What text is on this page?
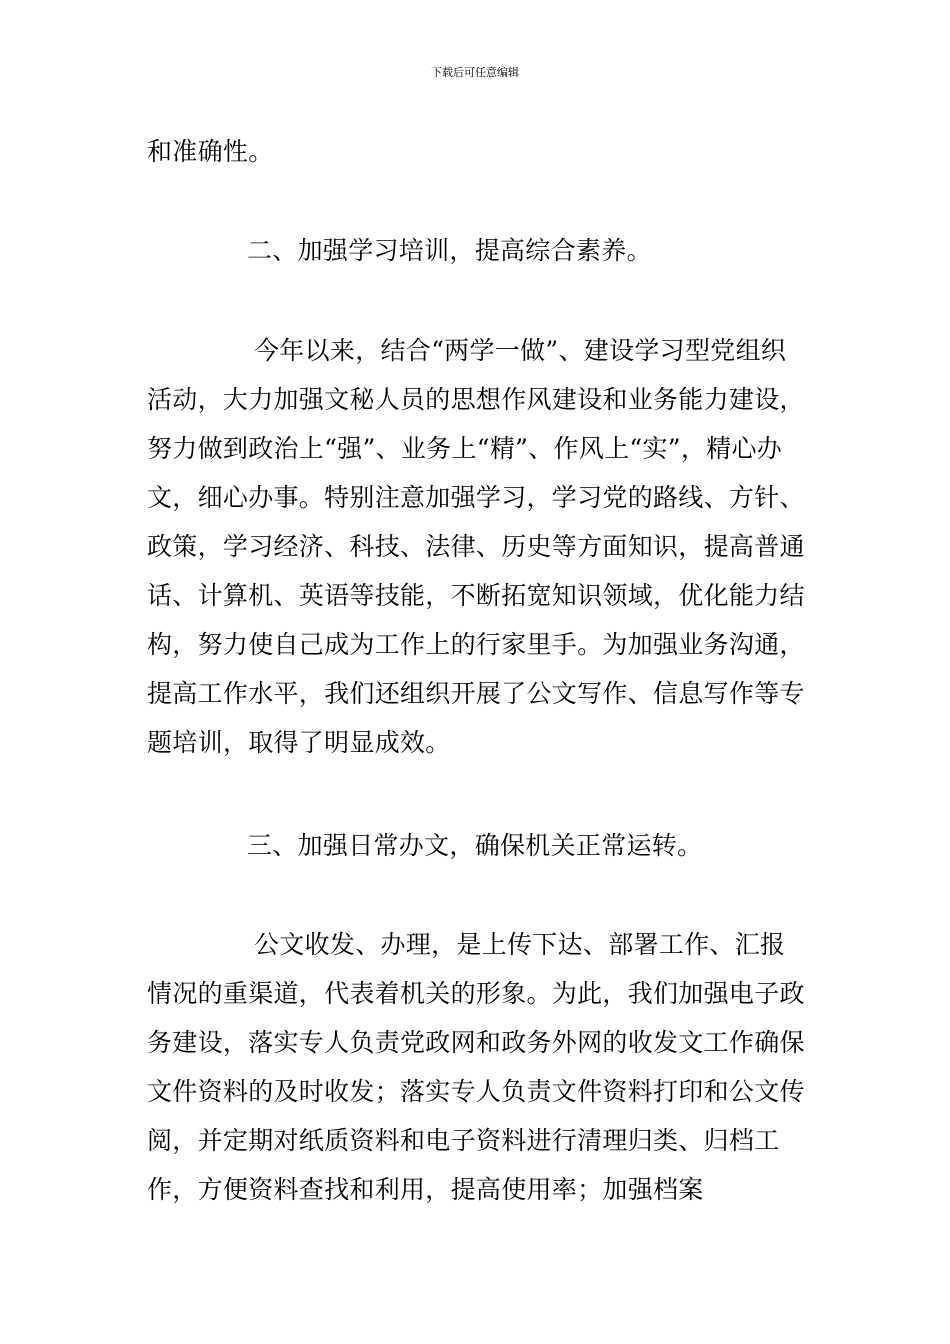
下载后可任意编辑

和准确性。

二、加强学习培训，提高综合素养。

今年以来，结合“两学一做”、建设学习型党组织活动，大力加强文秘人员的思想作风建设和业务能力建设，努力做到政治上“强”、业务上“精”、作风上“实”，精心办文，细心办事。特别注意加强学习，学习党的路线、方针、政策，学习经济、科技、法律、历史等方面知识，提高普通话、计算机、英语等技能，不断拓宽知识领域，优化能力结构，努力使自己成为工作上的行家里手。为加强业务沟通，提高工作水平，我们还组织开展了公文写作、信息写作等专题培训，取得了明显成效。

三、加强日常办文，确保机关正常运转。

公文收发、办理，是上传下达、部署工作、汇报情况的重渠道，代表着机关的形象。为此，我们加强电子政务建设，落实专人负责党政网和政务外网的收发文工作确保文件资料的及时收发；落实专人负责文件资料打印和公文传阅，并定期对纸质资料和电子资料进行清理归类、归档工作，方便资料查找和利用，提高使用率；加强档案
